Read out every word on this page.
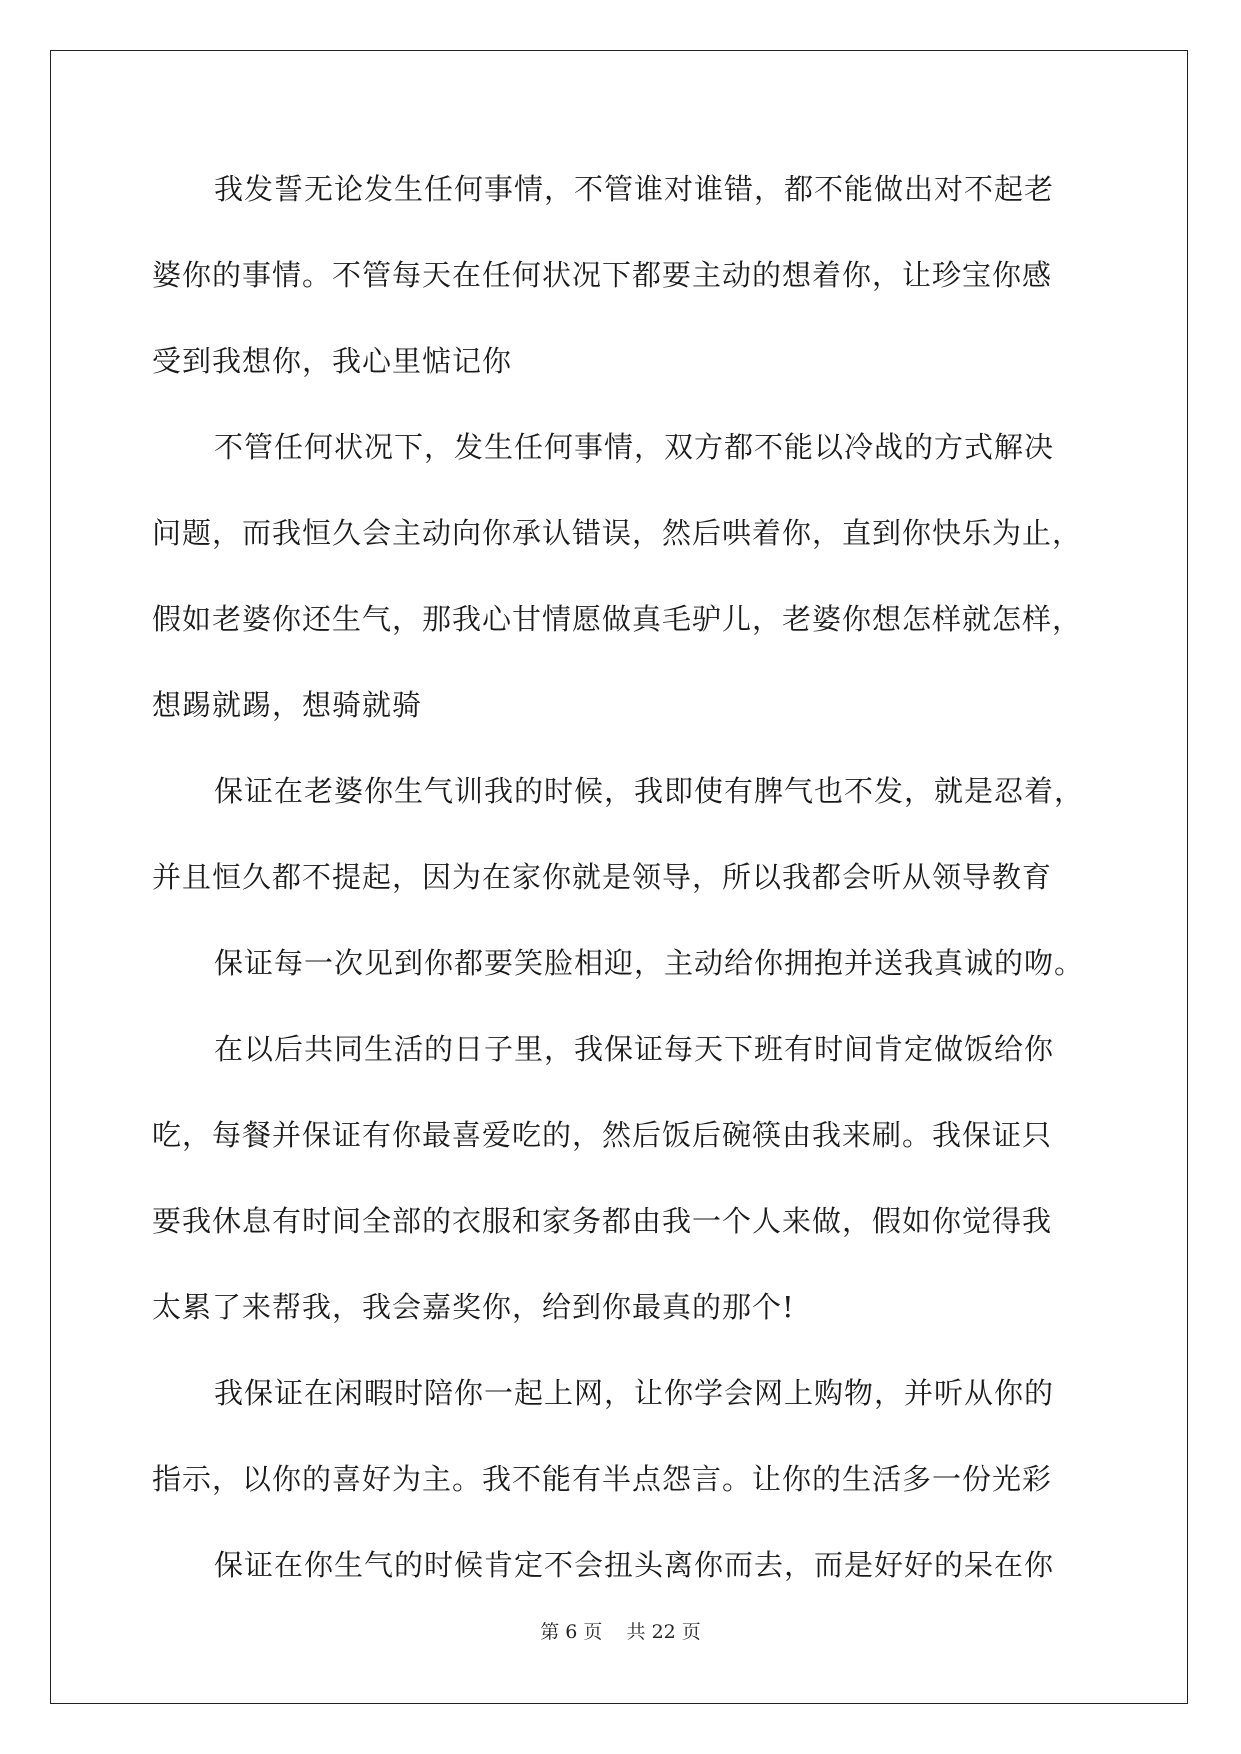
我发誓无论发生任何事情，不管谁对谁错，都不能做出对不起老
婆你的事情。不管每天在任何状况下都要主动的想着你，让珍宝你感
受到我想你，我心里惦记你
不管任何状况下，发生任何事情，双方都不能以冷战的方式解决
问题，而我恒久会主动向你承认错误，然后哄着你，直到你快乐为止，
假如老婆你还生气，那我心甘情愿做真毛驴儿，老婆你想怎样就怎样，
想踢就踢，想骑就骑
保证在老婆你生气训我的时候，我即使有脾气也不发，就是忍着，
并且恒久都不提起，因为在家你就是领导，所以我都会听从领导教育
保证每一次见到你都要笑脸相迎，主动给你拥抱并送我真诚的吻。
在以后共同生活的日子里，我保证每天下班有时间肯定做饭给你
吃，每餐并保证有你最喜爱吃的，然后饭后碗筷由我来刷。我保证只
要我休息有时间全部的衣服和家务都由我一个人来做，假如你觉得我
太累了来帮我，我会嘉奖你，给到你最真的那个!
我保证在闲暇时陪你一起上网，让你学会网上购物，并听从你的
指示，以你的喜好为主。我不能有半点怨言。让你的生活多一份光彩
保证在你生气的时候肯定不会扭头离你而去，而是好好的呆在你
第 6 页 共 22 页
